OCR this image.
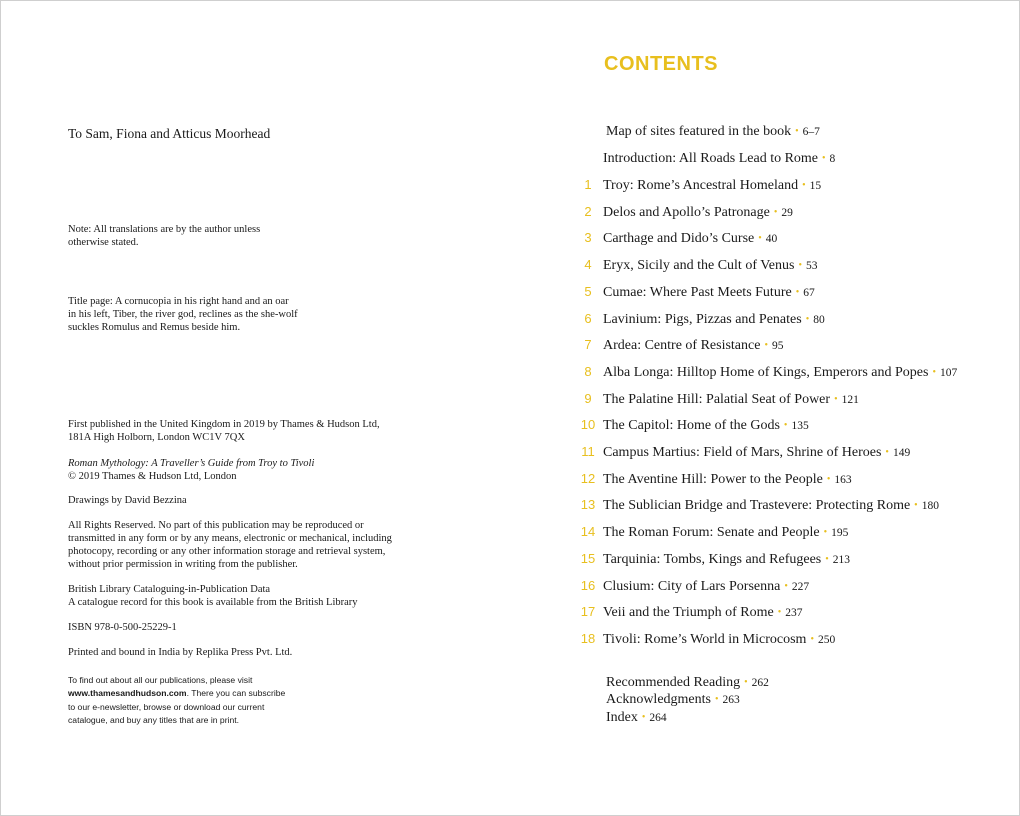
To Sam, Fiona and Atticus Moorhead

Note: All translations are by the author unless

otherwise stated.

Title page: A cornucopia in his right hand and an oar

in his left, Tiber, the river god, reclines as the she-wolf

suckles Romulus and Remus beside him.

First published in the United Kingdom in 2019 by Thames & Hudson Ltd,

181A High Holborn, London WC1V 7QX

Roman Mythology: A Traveller’s Guide from Troy to Tivoli

© 2019 Thames & Hudson Ltd, London

Drawings by David Bezzina

All Rights Reserved. No part of this publication may be reproduced or

transmitted in any form or by any means, electronic or mechanical, including

photocopy, recording or any other information storage and retrieval system,

without prior permission in writing from the publisher.

British Library Cataloguing-in-Publication Data

A catalogue record for this book is available from the British Library

ISBN 978-0-500-25229-1

Printed and bound in India by Replika Press Pvt. Ltd.

To find out about all our publications, please visit

www.thamesandhudson.com. There you can subscribe

to our e-newsletter, browse or download our current

catalogue, and buy any titles that are in print.

CONTENTS
Map of sites featured in the book • 6–7
Introduction: All Roads Lead to Rome • 8
1 Troy: Rome’s Ancestral Homeland • 15
2 Delos and Apollo’s Patronage • 29
3 Carthage and Dido’s Curse • 40
4 Eryx, Sicily and the Cult of Venus • 53
5 Cumae: Where Past Meets Future • 67
6 Lavinium: Pigs, Pizzas and Penates • 80
7 Ardea: Centre of Resistance • 95
8 Alba Longa: Hilltop Home of Kings, Emperors and Popes • 107
9 The Palatine Hill: Palatial Seat of Power • 121
10 The Capitol: Home of the Gods • 135
11 Campus Martius: Field of Mars, Shrine of Heroes • 149
12 The Aventine Hill: Power to the People • 163
13 The Sublician Bridge and Trastevere: Protecting Rome • 180
14 The Roman Forum: Senate and People • 195
15 Tarquinia: Tombs, Kings and Refugees • 213
16 Clusium: City of Lars Porsenna • 227
17 Veii and the Triumph of Rome • 237
18 Tivoli: Rome’s World in Microcosm • 250
Recommended Reading • 262
Acknowledgments • 263
Index • 264
